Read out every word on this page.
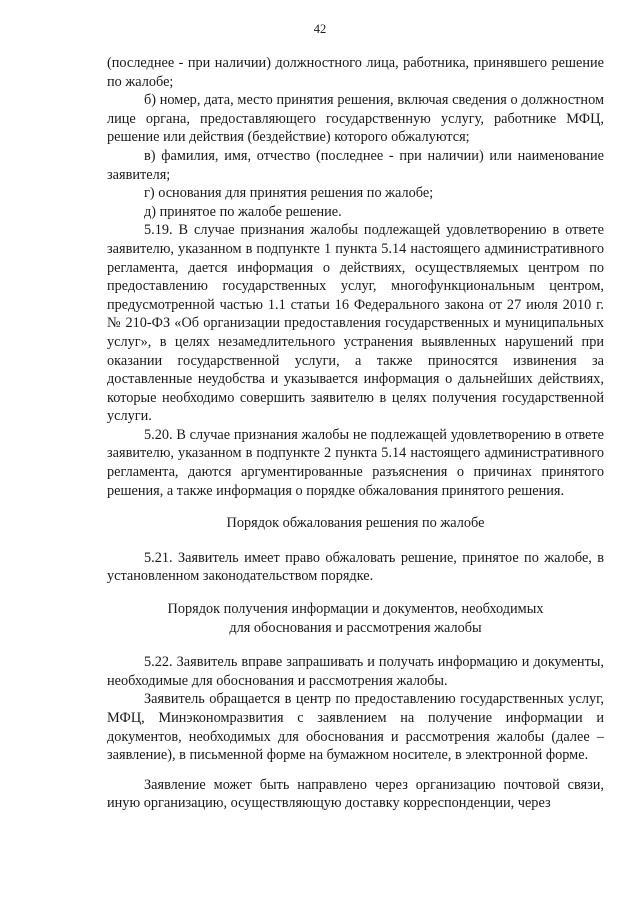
42

(последнее - при наличии) должностного лица, работника, принявшего решение по жалобе;

б) номер, дата, место принятия решения, включая сведения о должностном лице органа, предоставляющего государственную услугу, работнике МФЦ, решение или действия (бездействие) которого обжалуются;

в) фамилия, имя, отчество (последнее - при наличии) или наименование заявителя;

г) основания для принятия решения по жалобе;

д) принятое по жалобе решение.

5.19. В случае признания жалобы подлежащей удовлетворению в ответе заявителю, указанном в подпункте 1 пункта 5.14 настоящего административного регламента, дается информация о действиях, осуществляемых центром по предоставлению государственных услуг, многофункциональным центром, предусмотренной частью 1.1 статьи 16 Федерального закона от 27 июля 2010 г. № 210-ФЗ «Об организации предоставления государственных и муниципальных услуг», в целях незамедлительного устранения выявленных нарушений при оказании государственной услуги, а также приносятся извинения за доставленные неудобства и указывается информация о дальнейших действиях, которые необходимо совершить заявителю в целях получения государственной услуги.

5.20. В случае признания жалобы не подлежащей удовлетворению в ответе заявителю, указанном в подпункте 2 пункта 5.14 настоящего административного регламента, даются аргументированные разъяснения о причинах принятого решения, а также информация о порядке обжалования принятого решения.

Порядок обжалования решения по жалобе

5.21. Заявитель имеет право обжаловать решение, принятое по жалобе, в установленном законодательством порядке.

Порядок получения информации и документов, необходимых
для обоснования и рассмотрения жалобы

5.22. Заявитель вправе запрашивать и получать информацию и документы, необходимые для обоснования и рассмотрения жалобы.

Заявитель обращается в центр по предоставлению государственных услуг, МФЦ, Минэкономразвития с заявлением на получение информации и документов, необходимых для обоснования и рассмотрения жалобы (далее – заявление), в письменной форме на бумажном носителе, в электронной форме.

Заявление может быть направлено через организацию почтовой связи, иную организацию, осуществляющую доставку корреспонденции, через
